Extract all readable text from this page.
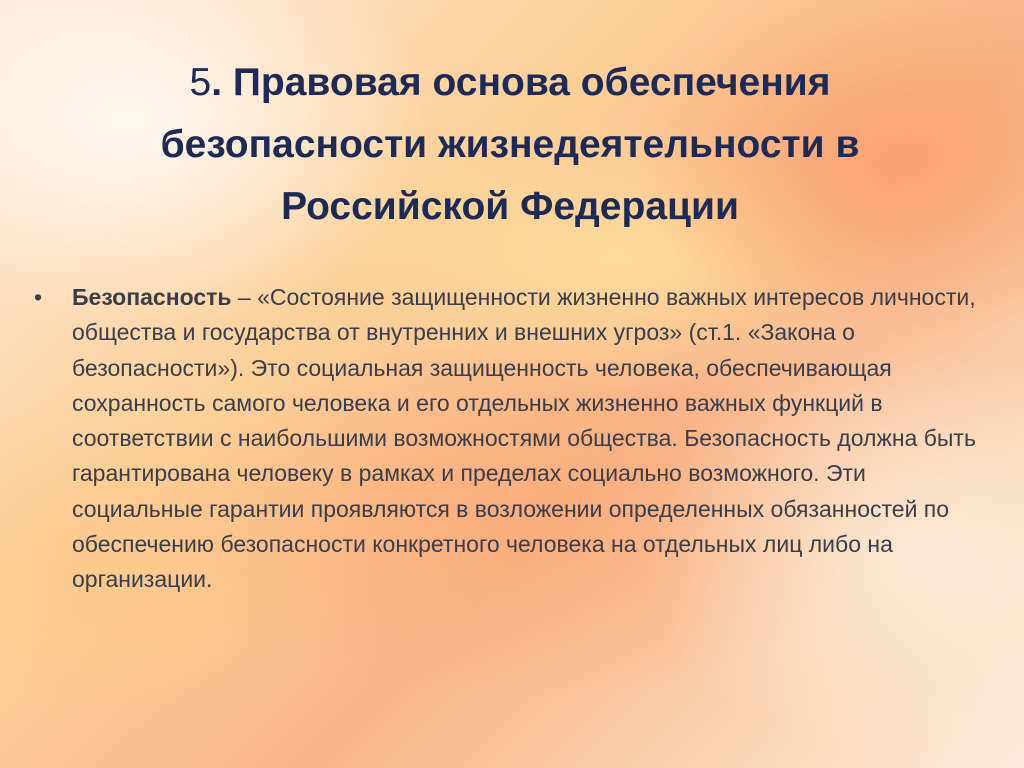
5. Правовая основа обеспечения безопасности жизнедеятельности в Российской Федерации
• Безопасность – «Состояние защищенности жизненно важных интересов личности, общества и государства от внутренних и внешних угроз» (ст.1. «Закона о безопасности»). Это социальная защищенность человека, обеспечивающая сохранность самого человека и его отдельных жизненно важных функций в соответствии с наибольшими возможностями общества. Безопасность должна быть гарантирована человеку в рамках и пределах социально возможного. Эти социальные гарантии проявляются в возложении определенных обязанностей по обеспечению безопасности конкретного человека на отдельных лиц либо на организации.
